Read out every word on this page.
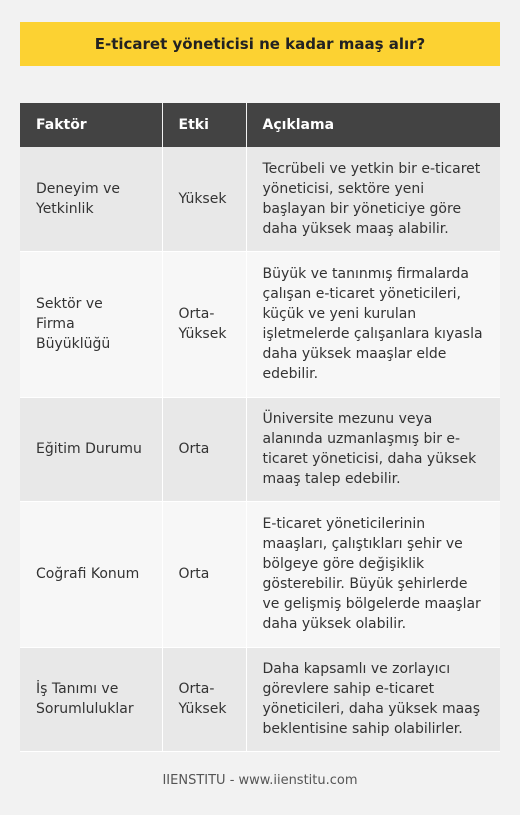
E-ticaret yöneticisi ne kadar maaş alır?
Faktör	Etki	Açıklama
Deneyim ve Yetkinlik	Yüksek	Tecrübeli ve yetkin bir e-ticaret yöneticisi, sektöre yeni başlayan bir yöneticiye göre daha yüksek maaş alabilir.
Sektör ve Firma Büyüklüğü	Orta-Yüksek	Büyük ve tanınmış firmalarda çalışan e-ticaret yöneticileri, küçük ve yeni kurulan işletmelerde çalışanlara kıyasla daha yüksek maaşlar elde edebilir.
Eğitim Durumu	Orta	Üniversite mezunu veya alanında uzmanlaşmış bir e-ticaret yöneticisi, daha yüksek maaş talep edebilir.
Coğrafi Konum	Orta	E-ticaret yöneticilerinin maaşları, çalıştıkları şehir ve bölgeye göre değişiklik gösterebilir. Büyük şehirlerde ve gelişmiş bölgelerde maaşlar daha yüksek olabilir.
İş Tanımı ve Sorumluluklar	Orta-Yüksek	Daha kapsamlı ve zorlayıcı görevlere sahip e-ticaret yöneticileri, daha yüksek maaş beklentisine sahip olabilirler.
IIENSTITU - www.iienstitu.com
